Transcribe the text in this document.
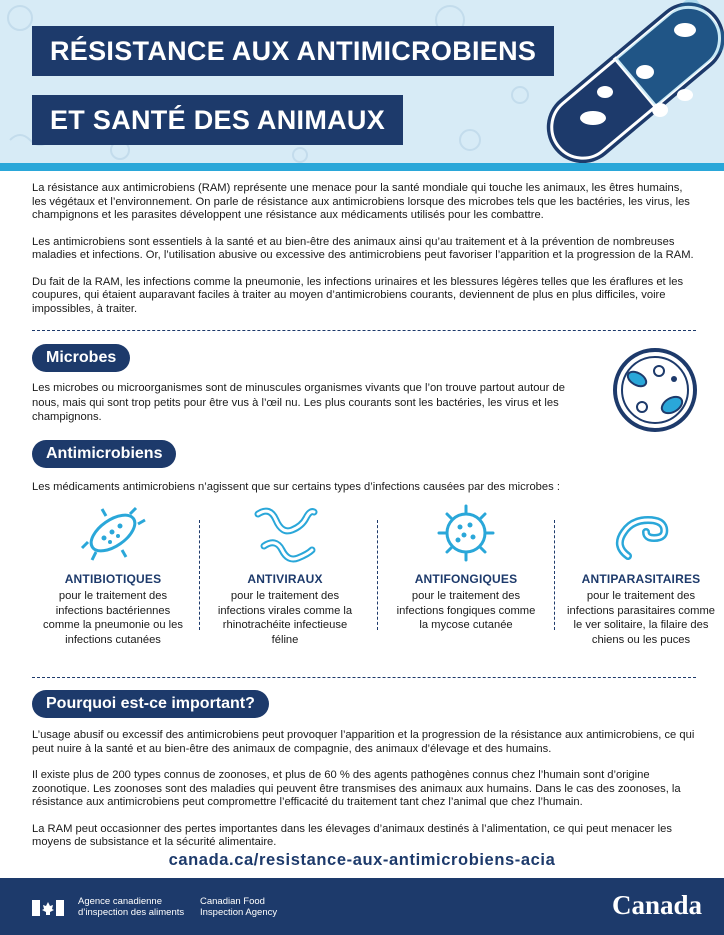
RÉSISTANCE AUX ANTIMICROBIENS
ET SANTÉ DES ANIMAUX

La résistance aux antimicrobiens (RAM) représente une menace pour la santé mondiale qui touche les animaux, les êtres humains, les végétaux et l’environnement. On parle de résistance aux antimicrobiens lorsque des microbes tels que les bactéries, les virus, les champignons et les parasites développent une résistance aux médicaments utilisés pour les combattre.

Les antimicrobiens sont essentiels à la santé et au bien-être des animaux ainsi qu’au traitement et à la prévention de nombreuses maladies et infections. Or, l’utilisation abusive ou excessive des antimicrobiens peut favoriser l’apparition et la progression de la RAM.

Du fait de la RAM, les infections comme la pneumonie, les infections urinaires et les blessures légères telles que les éraflures et les coupures, qui étaient auparavant faciles à traiter au moyen d’antimicrobiens courants, deviennent de plus en plus difficiles, voire impossibles, à traiter.

Microbes
Les microbes ou microorganismes sont de minuscules organismes vivants que l’on trouve partout autour de nous, mais qui sont trop petits pour être vus à l’œil nu. Les plus courants sont les bactéries, les virus et les champignons.
Antimicrobiens
Les médicaments antimicrobiens n’agissent que sur certains types d’infections causées par des microbes :
ANTIBIOTIQUES
pour le traitement des infections bactériennes comme la pneumonie ou les infections cutanées
ANTIVIRAUX
pour le traitement des infections virales comme la rhinotrachéite infectieuse féline
ANTIFONGIQUES
pour le traitement des infections fongiques comme la mycose cutanée
ANTIPARASITAIRES
pour le traitement des infections parasitaires comme le ver solitaire, la filaire des chiens ou les puces
Pourquoi est-ce important?

L’usage abusif ou excessif des antimicrobiens peut provoquer l’apparition et la progression de la résistance aux antimicrobiens, ce qui peut nuire à la santé et au bien-être des animaux de compagnie, des animaux d’élevage et des humains.

Il existe plus de 200 types connus de zoonoses, et plus de 60 % des agents pathogènes connus chez l’humain sont d’origine zoonotique. Les zoonoses sont des maladies qui peuvent être transmises des animaux aux humains. Dans le cas des zoonoses, la résistance aux antimicrobiens peut compromettre l’efficacité du traitement tant chez l’animal que chez l’humain.

La RAM peut occasionner des pertes importantes dans les élevages d’animaux destinés à l’alimentation, ce qui peut menacer les moyens de subsistance et la sécurité alimentaire.

canada.ca/resistance-aux-antimicrobiens-acia
Agence canadienne
d’inspection des aliments
Canadian Food
Inspection Agency	Canada
